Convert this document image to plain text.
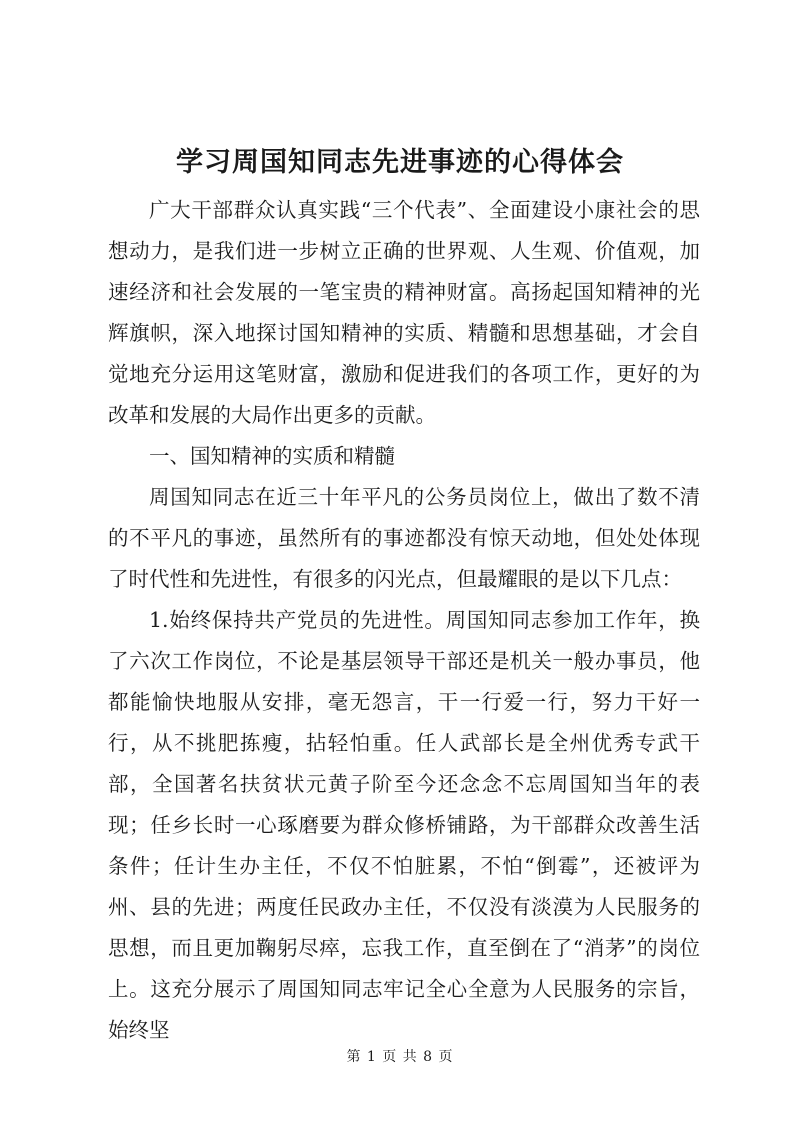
学习周国知同志先进事迹的心得体会

广大干部群众认真实践“三个代表”、全面建设小康社会的思想动力，是我们进一步树立正确的世界观、人生观、价值观，加速经济和社会发展的一笔宝贵的精神财富。高扬起国知精神的光辉旗帜，深入地探讨国知精神的实质、精髓和思想基础，才会自觉地充分运用这笔财富，激励和促进我们的各项工作，更好的为改革和发展的大局作出更多的贡献。

一、国知精神的实质和精髓

周国知同志在近三十年平凡的公务员岗位上，做出了数不清的不平凡的事迹，虽然所有的事迹都没有惊天动地，但处处体现了时代性和先进性，有很多的闪光点，但最耀眼的是以下几点：

1.始终保持共产党员的先进性。周国知同志参加工作年，换了六次工作岗位，不论是基层领导干部还是机关一般办事员，他都能愉快地服从安排，毫无怨言，干一行爱一行，努力干好一行，从不挑肥拣瘦，拈轻怕重。任人武部长是全州优秀专武干部，全国著名扶贫状元黄子阶至今还念念不忘周国知当年的表现；任乡长时一心琢磨要为群众修桥铺路，为干部群众改善生活条件；任计生办主任，不仅不怕脏累，不怕“倒霉”，还被评为州、县的先进；两度任民政办主任，不仅没有淡漠为人民服务的思想，而且更加鞠躬尽瘁，忘我工作，直至倒在了“消茅”的岗位上。这充分展示了周国知同志牢记全心全意为人民服务的宗旨，始终坚

第 1 页 共 8 页
